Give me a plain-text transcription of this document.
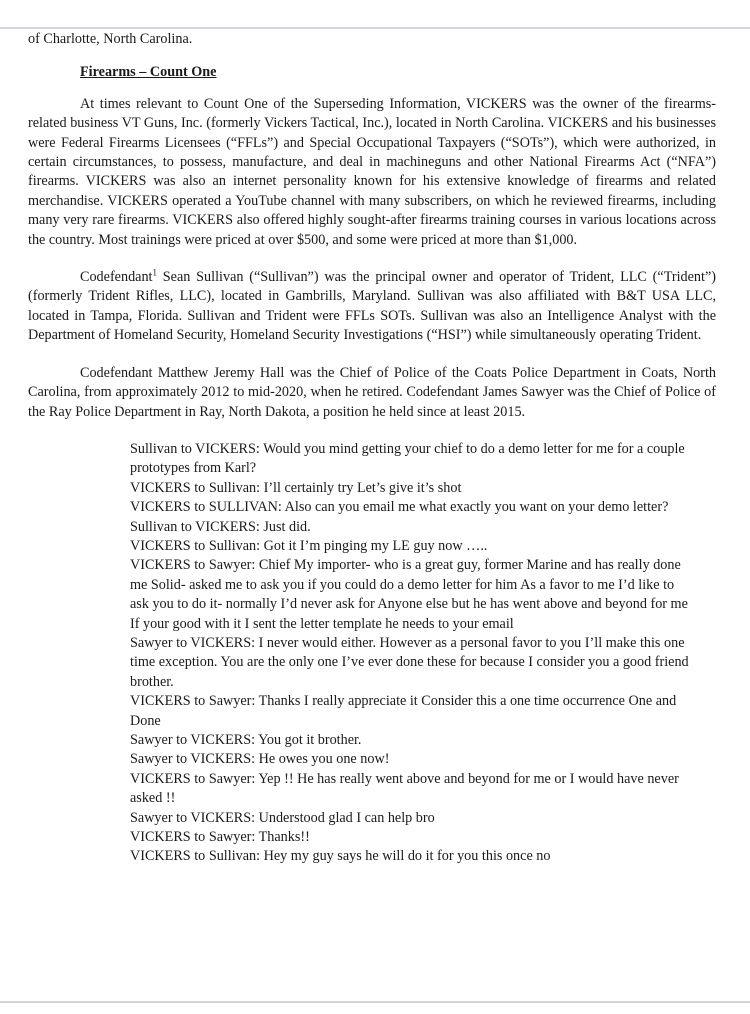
of Charlotte, North Carolina.

Firearms – Count One

At times relevant to Count One of the Superseding Information, VICKERS was the owner of the firearms-related business VT Guns, Inc. (formerly Vickers Tactical, Inc.), located in North Carolina. VICKERS and his businesses were Federal Firearms Licensees (“FFLs”) and Special Occupational Taxpayers (“SOTs”), which were authorized, in certain circumstances, to possess, manufacture, and deal in machineguns and other National Firearms Act (“NFA”) firearms. VICKERS was also an internet personality known for his extensive knowledge of firearms and related merchandise. VICKERS operated a YouTube channel with many subscribers, on which he reviewed firearms, including many very rare firearms. VICKERS also offered highly sought-after firearms training courses in various locations across the country. Most trainings were priced at over $500, and some were priced at more than $1,000.

Codefendant$^1$ Sean Sullivan (“Sullivan”) was the principal owner and operator of Trident, LLC (“Trident”) (formerly Trident Rifles, LLC), located in Gambrills, Maryland. Sullivan was also affiliated with B&T USA LLC, located in Tampa, Florida. Sullivan and Trident were FFLs SOTs. Sullivan was also an Intelligence Analyst with the Department of Homeland Security, Homeland Security Investigations (“HSI”) while simultaneously operating Trident.

Codefendant Matthew Jeremy Hall was the Chief of Police of the Coats Police Department in Coats, North Carolina, from approximately 2012 to mid-2020, when he retired. Codefendant James Sawyer was the Chief of Police of the Ray Police Department in Ray, North Dakota, a position he held since at least 2015.

Sullivan to VICKERS: Would you mind getting your chief to do a demo letter for me for a couple prototypes from Karl?
VICKERS to Sullivan: I’ll certainly try Let’s give it’s shot
VICKERS to SULLIVAN: Also can you email me what exactly you want on your demo letter?
Sullivan to VICKERS: Just did.
VICKERS to Sullivan: Got it I’m pinging my LE guy now …..
VICKERS to Sawyer: Chief My importer- who is a great guy, former Marine and has really done me Solid- asked me to ask you if you could do a demo letter for him As a favor to me I’d like to ask you to do it- normally I’d never ask for Anyone else but he has went above and beyond for me If your good with it I sent the letter template he needs to your email
Sawyer to VICKERS: I never would either. However as a personal favor to you I’ll make this one time exception. You are the only one I’ve ever done these for because I consider you a good friend brother.
VICKERS to Sawyer: Thanks I really appreciate it Consider this a one time occurrence One and Done
Sawyer to VICKERS: You got it brother.
Sawyer to VICKERS: He owes you one now!
VICKERS to Sawyer: Yep !! He has really went above and beyond for me or I would have never asked !!
Sawyer to VICKERS: Understood glad I can help bro
VICKERS to Sawyer: Thanks!!
VICKERS to Sullivan: Hey my guy says he will do it for you this once no
